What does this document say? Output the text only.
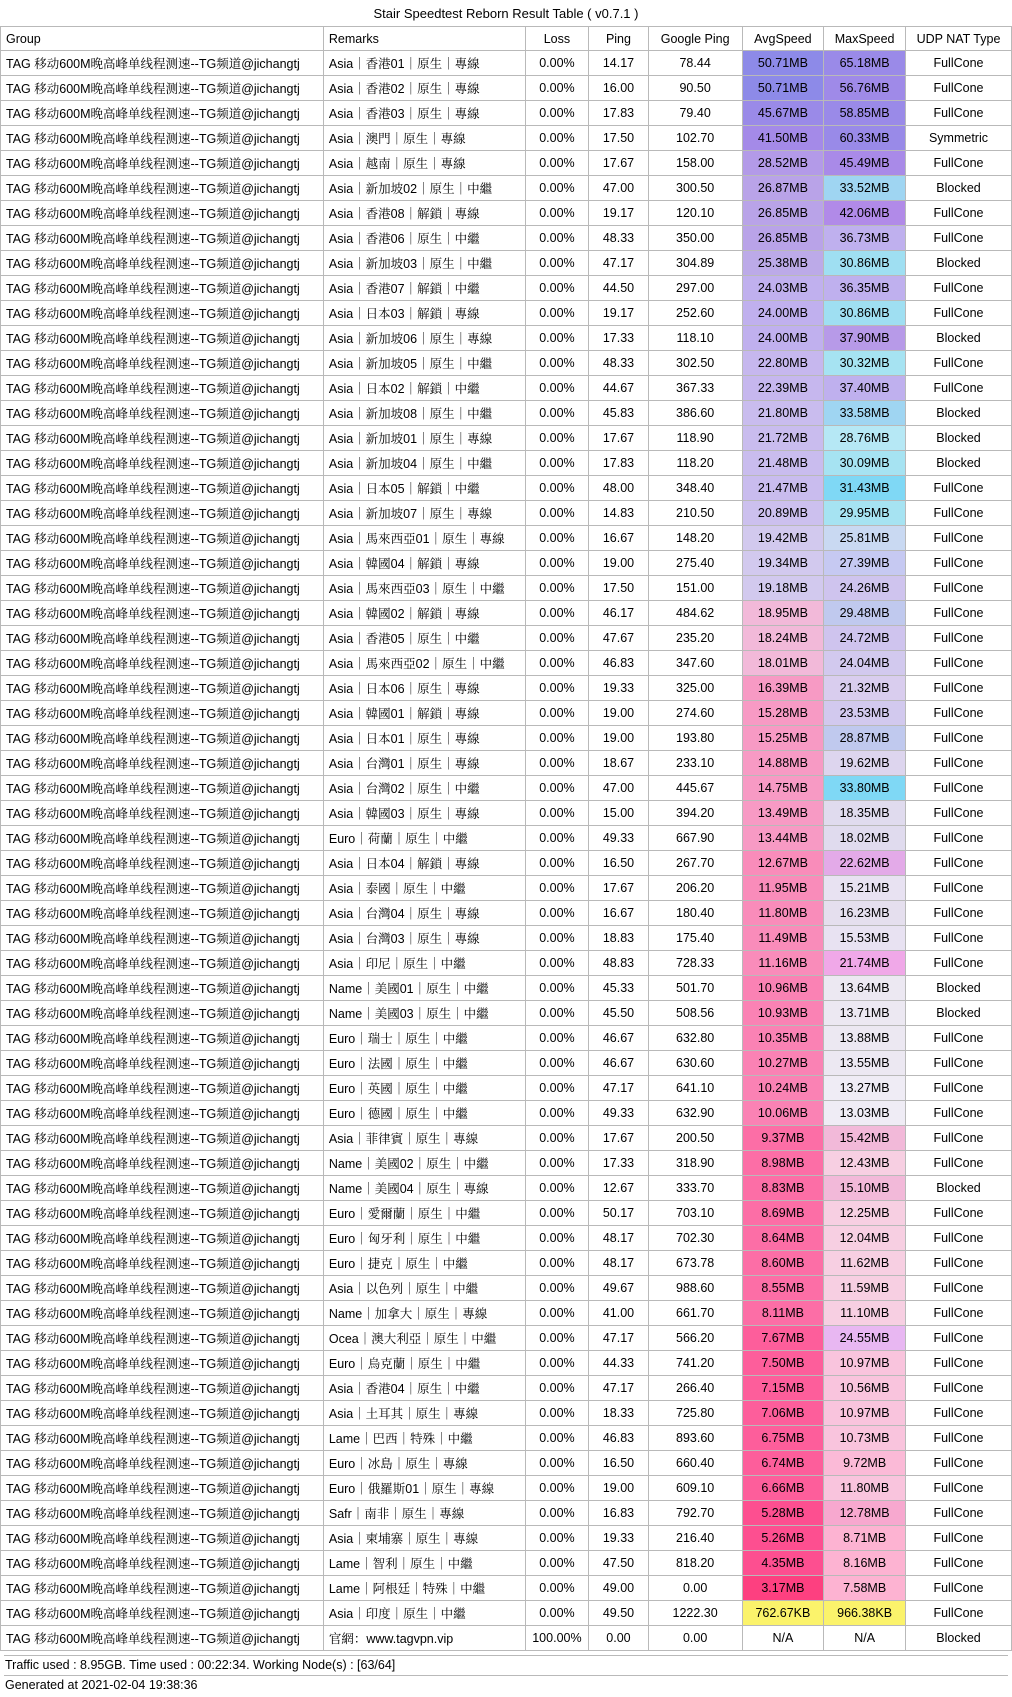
Stair Speedtest Reborn Result Table ( v0.7.1 )
Group	Remarks	Loss	Ping	Google Ping	AvgSpeed	MaxSpeed	UDP NAT Type
TAG 移动600M晚高峰单线程测速--TG频道@jichangtj	Asia｜香港01｜原生｜專線	0.00%	14.17	78.44	50.71MB	65.18MB	FullCone
TAG 移动600M晚高峰单线程测速--TG频道@jichangtj	Asia｜香港02｜原生｜專線	0.00%	16.00	90.50	50.71MB	56.76MB	FullCone
TAG 移动600M晚高峰单线程测速--TG频道@jichangtj	Asia｜香港03｜原生｜專線	0.00%	17.83	79.40	45.67MB	58.85MB	FullCone
TAG 移动600M晚高峰单线程测速--TG频道@jichangtj	Asia｜澳門｜原生｜專線	0.00%	17.50	102.70	41.50MB	60.33MB	Symmetric
TAG 移动600M晚高峰单线程测速--TG频道@jichangtj	Asia｜越南｜原生｜專線	0.00%	17.67	158.00	28.52MB	45.49MB	FullCone
TAG 移动600M晚高峰单线程测速--TG频道@jichangtj	Asia｜新加坡02｜原生｜中繼	0.00%	47.00	300.50	26.87MB	33.52MB	Blocked
TAG 移动600M晚高峰单线程测速--TG频道@jichangtj	Asia｜香港08｜解鎖｜專線	0.00%	19.17	120.10	26.85MB	42.06MB	FullCone
TAG 移动600M晚高峰单线程测速--TG频道@jichangtj	Asia｜香港06｜原生｜中繼	0.00%	48.33	350.00	26.85MB	36.73MB	FullCone
TAG 移动600M晚高峰单线程测速--TG频道@jichangtj	Asia｜新加坡03｜原生｜中繼	0.00%	47.17	304.89	25.38MB	30.86MB	Blocked
TAG 移动600M晚高峰单线程测速--TG频道@jichangtj	Asia｜香港07｜解鎖｜中繼	0.00%	44.50	297.00	24.03MB	36.35MB	FullCone
TAG 移动600M晚高峰单线程测速--TG频道@jichangtj	Asia｜日本03｜解鎖｜專線	0.00%	19.17	252.60	24.00MB	30.86MB	FullCone
TAG 移动600M晚高峰单线程测速--TG频道@jichangtj	Asia｜新加坡06｜原生｜專線	0.00%	17.33	118.10	24.00MB	37.90MB	Blocked
TAG 移动600M晚高峰单线程测速--TG频道@jichangtj	Asia｜新加坡05｜原生｜中繼	0.00%	48.33	302.50	22.80MB	30.32MB	FullCone
TAG 移动600M晚高峰单线程测速--TG频道@jichangtj	Asia｜日本02｜解鎖｜中繼	0.00%	44.67	367.33	22.39MB	37.40MB	FullCone
TAG 移动600M晚高峰单线程测速--TG频道@jichangtj	Asia｜新加坡08｜原生｜中繼	0.00%	45.83	386.60	21.80MB	33.58MB	Blocked
TAG 移动600M晚高峰单线程测速--TG频道@jichangtj	Asia｜新加坡01｜原生｜專線	0.00%	17.67	118.90	21.72MB	28.76MB	Blocked
TAG 移动600M晚高峰单线程测速--TG频道@jichangtj	Asia｜新加坡04｜原生｜中繼	0.00%	17.83	118.20	21.48MB	30.09MB	Blocked
TAG 移动600M晚高峰单线程测速--TG频道@jichangtj	Asia｜日本05｜解鎖｜中繼	0.00%	48.00	348.40	21.47MB	31.43MB	FullCone
TAG 移动600M晚高峰单线程测速--TG频道@jichangtj	Asia｜新加坡07｜原生｜專線	0.00%	14.83	210.50	20.89MB	29.95MB	FullCone
TAG 移动600M晚高峰单线程测速--TG频道@jichangtj	Asia｜馬來西亞01｜原生｜專線	0.00%	16.67	148.20	19.42MB	25.81MB	FullCone
TAG 移动600M晚高峰单线程测速--TG频道@jichangtj	Asia｜韓國04｜解鎖｜專線	0.00%	19.00	275.40	19.34MB	27.39MB	FullCone
TAG 移动600M晚高峰单线程测速--TG频道@jichangtj	Asia｜馬來西亞03｜原生｜中繼	0.00%	17.50	151.00	19.18MB	24.26MB	FullCone
TAG 移动600M晚高峰单线程测速--TG频道@jichangtj	Asia｜韓國02｜解鎖｜專線	0.00%	46.17	484.62	18.95MB	29.48MB	FullCone
TAG 移动600M晚高峰单线程测速--TG频道@jichangtj	Asia｜香港05｜原生｜中繼	0.00%	47.67	235.20	18.24MB	24.72MB	FullCone
TAG 移动600M晚高峰单线程测速--TG频道@jichangtj	Asia｜馬來西亞02｜原生｜中繼	0.00%	46.83	347.60	18.01MB	24.04MB	FullCone
TAG 移动600M晚高峰单线程测速--TG频道@jichangtj	Asia｜日本06｜原生｜專線	0.00%	19.33	325.00	16.39MB	21.32MB	FullCone
TAG 移动600M晚高峰单线程测速--TG频道@jichangtj	Asia｜韓國01｜解鎖｜專線	0.00%	19.00	274.60	15.28MB	23.53MB	FullCone
TAG 移动600M晚高峰单线程测速--TG频道@jichangtj	Asia｜日本01｜原生｜專線	0.00%	19.00	193.80	15.25MB	28.87MB	FullCone
TAG 移动600M晚高峰单线程测速--TG频道@jichangtj	Asia｜台灣01｜原生｜專線	0.00%	18.67	233.10	14.88MB	19.62MB	FullCone
TAG 移动600M晚高峰单线程测速--TG频道@jichangtj	Asia｜台灣02｜原生｜中繼	0.00%	47.00	445.67	14.75MB	33.80MB	FullCone
TAG 移动600M晚高峰单线程测速--TG频道@jichangtj	Asia｜韓國03｜原生｜專線	0.00%	15.00	394.20	13.49MB	18.35MB	FullCone
TAG 移动600M晚高峰单线程测速--TG频道@jichangtj	Euro｜荷蘭｜原生｜中繼	0.00%	49.33	667.90	13.44MB	18.02MB	FullCone
TAG 移动600M晚高峰单线程测速--TG频道@jichangtj	Asia｜日本04｜解鎖｜專線	0.00%	16.50	267.70	12.67MB	22.62MB	FullCone
TAG 移动600M晚高峰单线程测速--TG频道@jichangtj	Asia｜泰國｜原生｜中繼	0.00%	17.67	206.20	11.95MB	15.21MB	FullCone
TAG 移动600M晚高峰单线程测速--TG频道@jichangtj	Asia｜台灣04｜原生｜專線	0.00%	16.67	180.40	11.80MB	16.23MB	FullCone
TAG 移动600M晚高峰单线程测速--TG频道@jichangtj	Asia｜台灣03｜原生｜專線	0.00%	18.83	175.40	11.49MB	15.53MB	FullCone
TAG 移动600M晚高峰单线程测速--TG频道@jichangtj	Asia｜印尼｜原生｜中繼	0.00%	48.83	728.33	11.16MB	21.74MB	FullCone
TAG 移动600M晚高峰单线程测速--TG频道@jichangtj	Name｜美國01｜原生｜中繼	0.00%	45.33	501.70	10.96MB	13.64MB	Blocked
TAG 移动600M晚高峰单线程测速--TG频道@jichangtj	Name｜美國03｜原生｜中繼	0.00%	45.50	508.56	10.93MB	13.71MB	Blocked
TAG 移动600M晚高峰单线程测速--TG频道@jichangtj	Euro｜瑞士｜原生｜中繼	0.00%	46.67	632.80	10.35MB	13.88MB	FullCone
TAG 移动600M晚高峰单线程测速--TG频道@jichangtj	Euro｜法國｜原生｜中繼	0.00%	46.67	630.60	10.27MB	13.55MB	FullCone
TAG 移动600M晚高峰单线程测速--TG频道@jichangtj	Euro｜英國｜原生｜中繼	0.00%	47.17	641.10	10.24MB	13.27MB	FullCone
TAG 移动600M晚高峰单线程测速--TG频道@jichangtj	Euro｜德國｜原生｜中繼	0.00%	49.33	632.90	10.06MB	13.03MB	FullCone
TAG 移动600M晚高峰单线程测速--TG频道@jichangtj	Asia｜菲律賓｜原生｜專線	0.00%	17.67	200.50	9.37MB	15.42MB	FullCone
TAG 移动600M晚高峰单线程测速--TG频道@jichangtj	Name｜美國02｜原生｜中繼	0.00%	17.33	318.90	8.98MB	12.43MB	FullCone
TAG 移动600M晚高峰单线程测速--TG频道@jichangtj	Name｜美國04｜原生｜專線	0.00%	12.67	333.70	8.83MB	15.10MB	Blocked
TAG 移动600M晚高峰单线程测速--TG频道@jichangtj	Euro｜愛爾蘭｜原生｜中繼	0.00%	50.17	703.10	8.69MB	12.25MB	FullCone
TAG 移动600M晚高峰单线程测速--TG频道@jichangtj	Euro｜匈牙利｜原生｜中繼	0.00%	48.17	702.30	8.64MB	12.04MB	FullCone
TAG 移动600M晚高峰单线程测速--TG频道@jichangtj	Euro｜捷克｜原生｜中繼	0.00%	48.17	673.78	8.60MB	11.62MB	FullCone
TAG 移动600M晚高峰单线程测速--TG频道@jichangtj	Asia｜以色列｜原生｜中繼	0.00%	49.67	988.60	8.55MB	11.59MB	FullCone
TAG 移动600M晚高峰单线程测速--TG频道@jichangtj	Name｜加拿大｜原生｜專線	0.00%	41.00	661.70	8.11MB	11.10MB	FullCone
TAG 移动600M晚高峰单线程测速--TG频道@jichangtj	Ocea｜澳大利亞｜原生｜中繼	0.00%	47.17	566.20	7.67MB	24.55MB	FullCone
TAG 移动600M晚高峰单线程测速--TG频道@jichangtj	Euro｜烏克蘭｜原生｜中繼	0.00%	44.33	741.20	7.50MB	10.97MB	FullCone
TAG 移动600M晚高峰单线程测速--TG频道@jichangtj	Asia｜香港04｜原生｜中繼	0.00%	47.17	266.40	7.15MB	10.56MB	FullCone
TAG 移动600M晚高峰单线程测速--TG频道@jichangtj	Asia｜土耳其｜原生｜專線	0.00%	18.33	725.80	7.06MB	10.97MB	FullCone
TAG 移动600M晚高峰单线程测速--TG频道@jichangtj	Lame｜巴西｜特殊｜中繼	0.00%	46.83	893.60	6.75MB	10.73MB	FullCone
TAG 移动600M晚高峰单线程测速--TG频道@jichangtj	Euro｜冰島｜原生｜專線	0.00%	16.50	660.40	6.74MB	9.72MB	FullCone
TAG 移动600M晚高峰单线程测速--TG频道@jichangtj	Euro｜俄羅斯01｜原生｜專線	0.00%	19.00	609.10	6.66MB	11.80MB	FullCone
TAG 移动600M晚高峰单线程测速--TG频道@jichangtj	Safr｜南非｜原生｜專線	0.00%	16.83	792.70	5.28MB	12.78MB	FullCone
TAG 移动600M晚高峰单线程测速--TG频道@jichangtj	Asia｜柬埔寨｜原生｜專線	0.00%	19.33	216.40	5.26MB	8.71MB	FullCone
TAG 移动600M晚高峰单线程测速--TG频道@jichangtj	Lame｜智利｜原生｜中繼	0.00%	47.50	818.20	4.35MB	8.16MB	FullCone
TAG 移动600M晚高峰单线程测速--TG频道@jichangtj	Lame｜阿根廷｜特殊｜中繼	0.00%	49.00	0.00	3.17MB	7.58MB	FullCone
TAG 移动600M晚高峰单线程测速--TG频道@jichangtj	Asia｜印度｜原生｜中繼	0.00%	49.50	1222.30	762.67KB	966.38KB	FullCone
TAG 移动600M晚高峰单线程测速--TG频道@jichangtj	官網：www.tagvpn.vip	100.00%	0.00	0.00	N/A	N/A	Blocked
Traffic used : 8.95GB. Time used : 00:22:34. Working Node(s) : [63/64]
Generated at 2021-02-04 19:38:36
